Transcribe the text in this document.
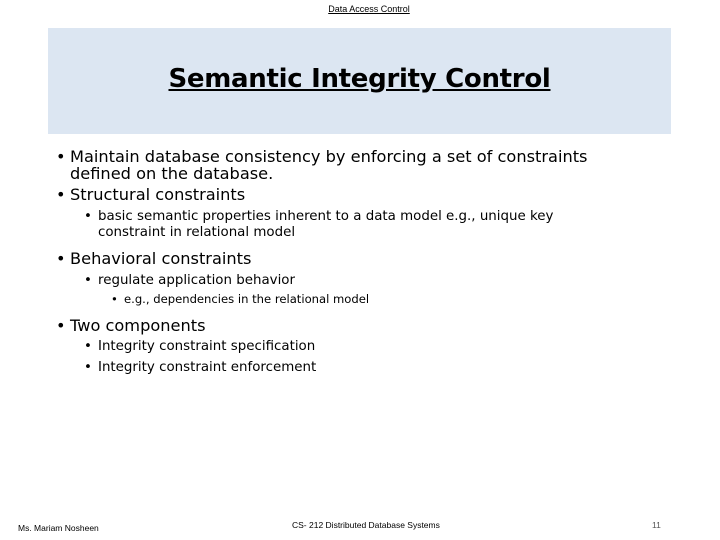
Data Access Control
Semantic Integrity Control
• Maintain database consistency by enforcing a set of constraints
defined on the database.
• Structural constraints
• basic semantic properties inherent to a data model e.g., unique key
constraint in relational model
• Behavioral constraints
• regulate application behavior
• e.g., dependencies in the relational model
• Two components
• Integrity constraint specification
• Integrity constraint enforcement
Ms. Mariam Nosheen	CS- 212 Distributed Database Systems	11
